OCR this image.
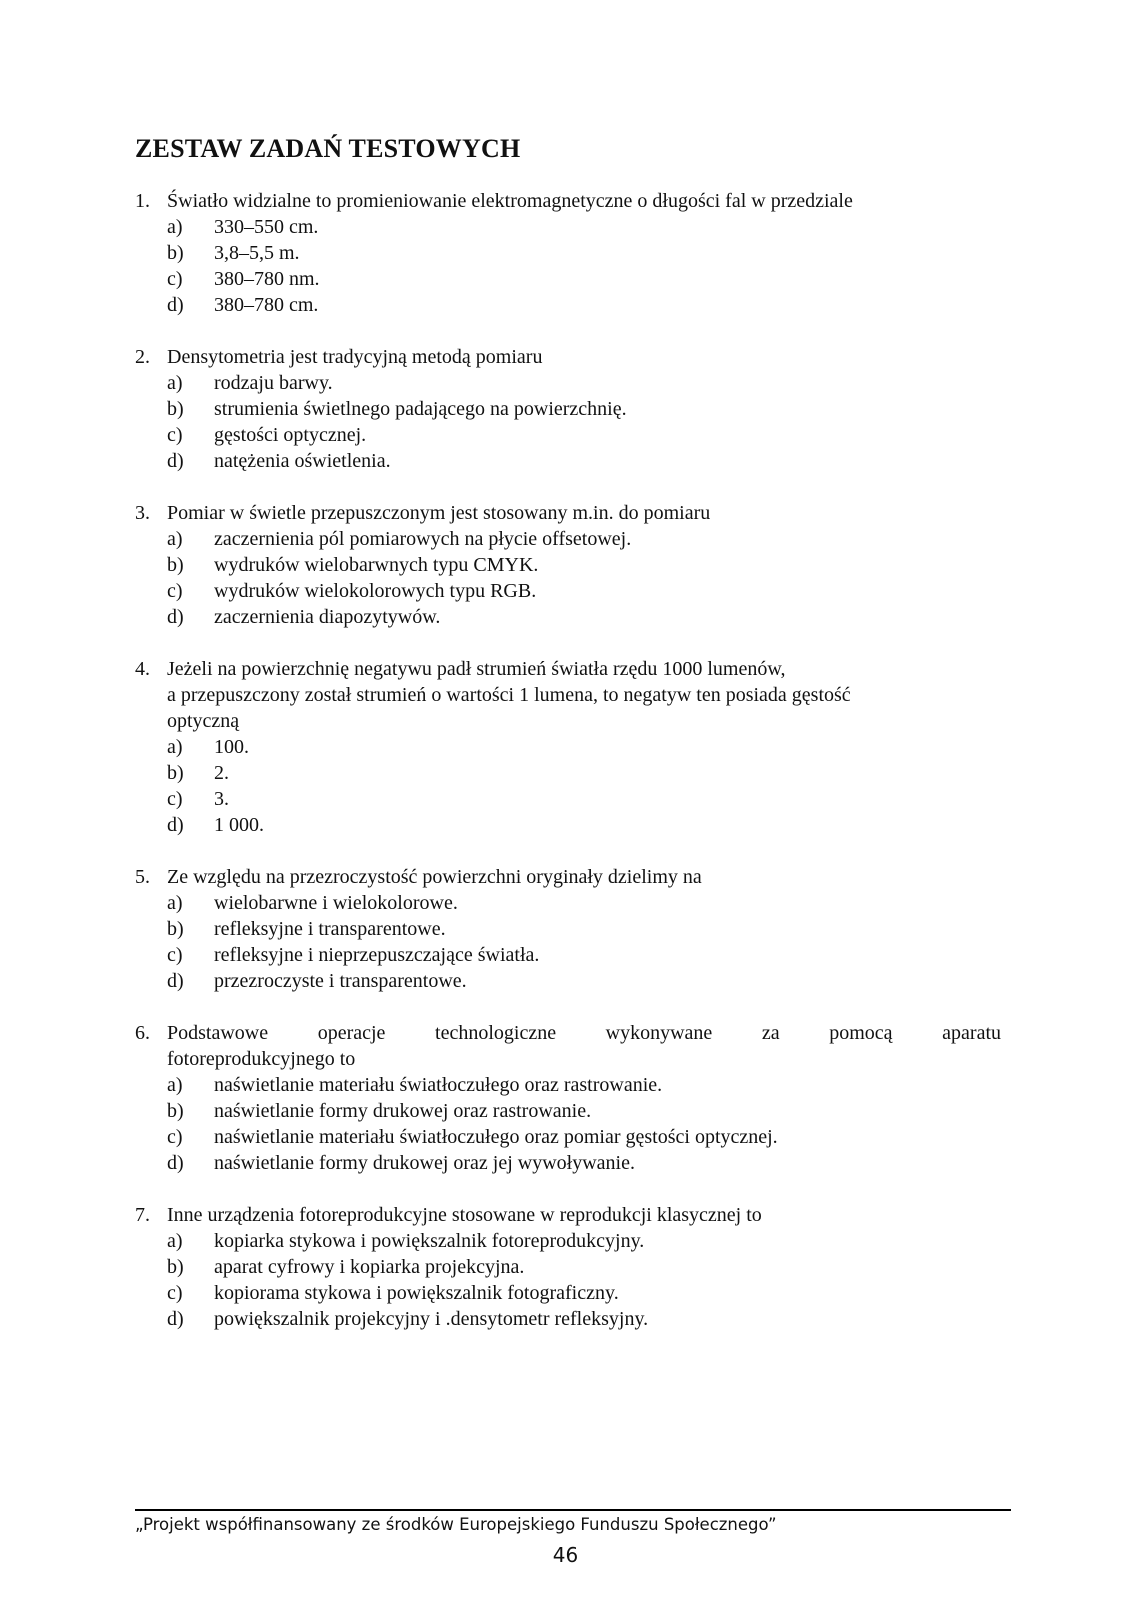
ZESTAW ZADAŃ TESTOWYCH
1. Światło widzialne to promieniowanie elektromagnetyczne o długości fal w przedziale
a)	330–550 cm.
b)	3,8–5,5 m.
c)	380–780 nm.
d)	380–780 cm.
2. Densytometria jest tradycyjną metodą pomiaru
a)	rodzaju barwy.
b)	strumienia świetlnego padającego na powierzchnię.
c)	gęstości optycznej.
d)	natężenia oświetlenia.
3. Pomiar w świetle przepuszczonym jest stosowany m.in. do pomiaru
a)	zaczernienia pól pomiarowych na płycie offsetowej.
b)	wydruków wielobarwnych typu CMYK.
c)	wydruków wielokolorowych typu RGB.
d)	zaczernienia diapozytywów.
4. Jeżeli na powierzchnię negatywu padł strumień światła rzędu 1000 lumenów,
a przepuszczony został strumień o wartości 1 lumena, to negatyw ten posiada gęstość
optyczną
a)	100.
b)	2.
c)	3.
d)	1 000.
5. Ze względu na przezroczystość powierzchni oryginały dzielimy na
a)	wielobarwne i wielokolorowe.
b)	refleksyjne i transparentowe.
c)	refleksyjne i nieprzepuszczające światła.
d)	przezroczyste i transparentowe.
6. Podstawowe operacje technologiczne wykonywane za pomocą aparatu
fotoreprodukcyjnego to
a)	naświetlanie materiału światłoczułego oraz rastrowanie.
b)	naświetlanie formy drukowej oraz rastrowanie.
c)	naświetlanie materiału światłoczułego oraz pomiar gęstości optycznej.
d)	naświetlanie formy drukowej oraz jej wywoływanie.
7. Inne urządzenia fotoreprodukcyjne stosowane w reprodukcji klasycznej to
a)	kopiarka stykowa i powiększalnik fotoreprodukcyjny.
b)	aparat cyfrowy i kopiarka projekcyjna.
c)	kopiorama stykowa i powiększalnik fotograficzny.
d)	powiększalnik projekcyjny i .densytometr refleksyjny.
„Projekt współfinansowany ze środków Europejskiego Funduszu Społecznego”
46
